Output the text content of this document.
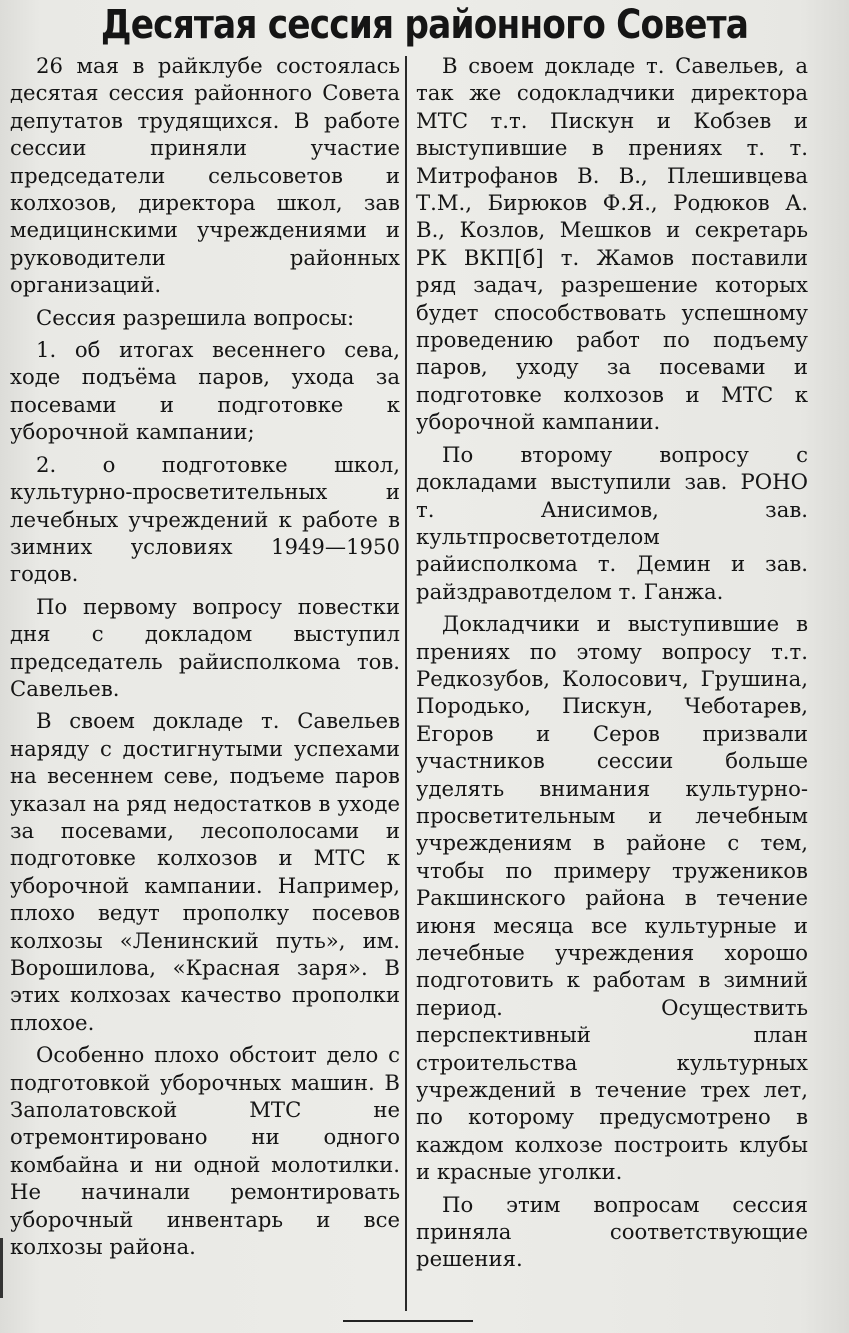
Десятая сессия районного Совета

26 мая в райклубе состоялась десятая сессия районного Совета депутатов трудящихся. В работе сессии приняли участие председатели сельсоветов и колхозов, директора школ, зав медицинскими учреждениями и руководители районных организаций.

Сессия разрешила вопросы:

1. об итогах весеннего сева, ходе подъёма паров, ухода за посевами и подготовке к уборочной кампании;

2. о подготовке школ, культурно-просветительных и лечебных учреждений к работе в зимних условиях 1949—1950 годов.

По первому вопросу повестки дня с докладом выступил председатель райисполкома тов. Савельев.

В своем докладе т. Савельев наряду с достигнутыми успехами на весеннем севе, подъеме паров указал на ряд недостатков в уходе за посевами, лесополосами и подготовке колхозов и МТС к уборочной кампании. Например, плохо ведут прополку посевов колхозы «Ленинский путь», им. Ворошилова, «Красная заря». В этих колхозах качество прополки плохое.

Особенно плохо обстоит дело с подготовкой уборочных машин. В Заполатовской МТС не отремонтировано ни одного комбайна и ни одной молотилки. Не начинали ремонтировать уборочный инвентарь и все колхозы района.

В своем докладе т. Савельев, а так же содокладчики директора МТС т.т. Пискун и Кобзев и выступившие в прениях т. т. Митрофанов В. В., Плешивцева Т.М., Бирюков Ф.Я., Родюков А. В., Козлов, Мешков и секретарь РК ВКП[б] т. Жамов поставили ряд задач, разрешение которых будет способствовать успешному проведению работ по подъему паров, уходу за посевами и подготовке колхозов и МТС к уборочной кампании.

По второму вопросу с докладами выступили зав. РОНО т. Анисимов, зав. культпросветотделом райисполкома т. Демин и зав. райздравотделом т. Ганжа.

Докладчики и выступившие в прениях по этому вопросу т.т. Редкозубов, Колосович, Грушина, Породько, Пискун, Чеботарев, Егоров и Серов призвали участников сессии больше уделять внимания культурно-просветительным и лечебным учреждениям в районе с тем, чтобы по примеру тружеников Ракшинского района в течение июня месяца все культурные и лечебные учреждения хорошо подготовить к работам в зимний период. Осуществить перспективный план строительства культурных учреждений в течение трех лет, по которому предусмотрено в каждом колхозе построить клубы и красные уголки.

По этим вопросам сессия приняла соответствующие решения.
